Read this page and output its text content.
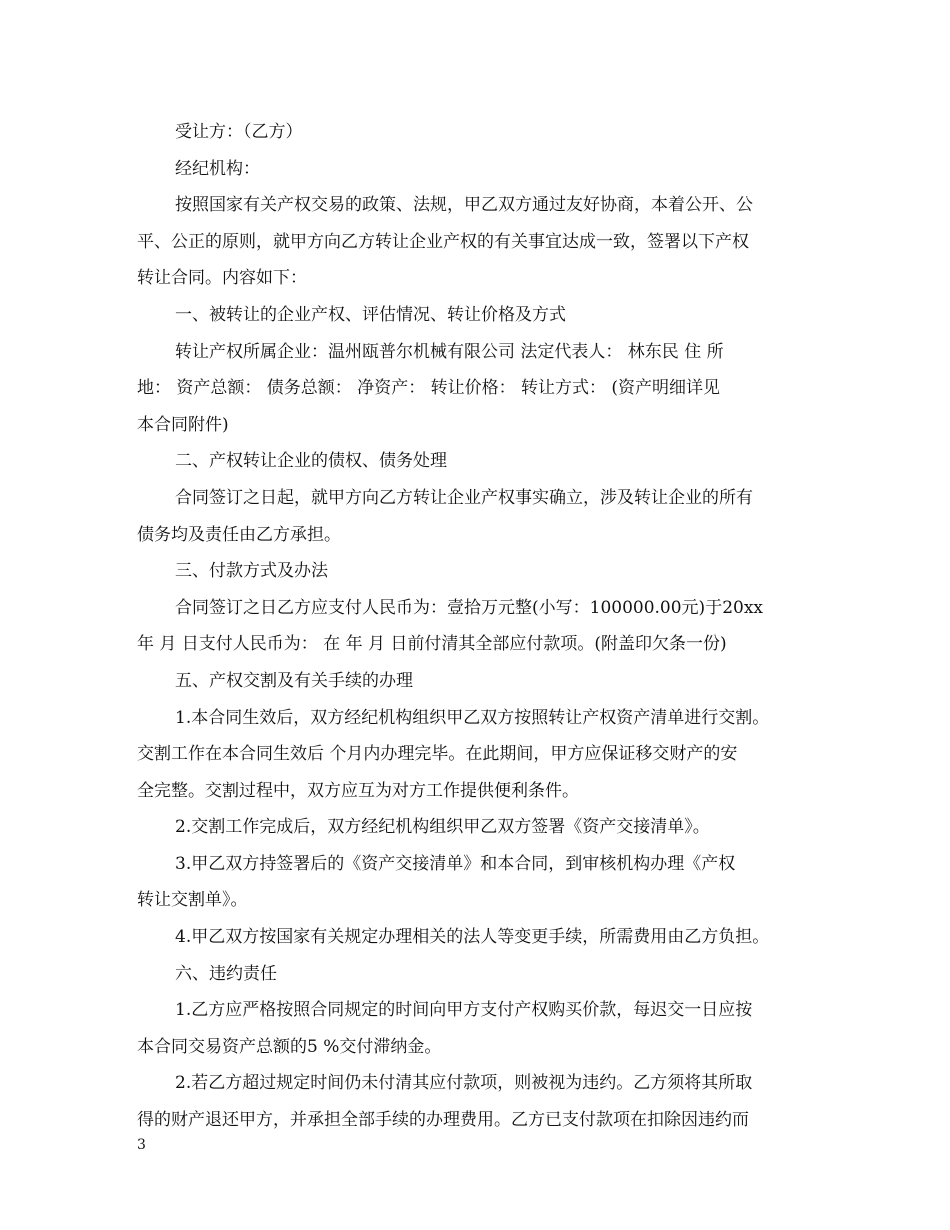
受让方：（乙方）
经纪机构：
按照国家有关产权交易的政策、法规，甲乙双方通过友好协商，本着公开、公
平、公正的原则，就甲方向乙方转让企业产权的有关事宜达成一致，签署以下产权
转让合同。内容如下：
一、被转让的企业产权、评估情况、转让价格及方式
转让产权所属企业：温州瓯普尔机械有限公司 法定代表人： 林东民 住 所
地： 资产总额： 债务总额： 净资产： 转让价格： 转让方式： (资产明细详见
本合同附件)
二、产权转让企业的债权、债务处理
合同签订之日起，就甲方向乙方转让企业产权事实确立，涉及转让企业的所有
债务均及责任由乙方承担。
三、付款方式及办法
合同签订之日乙方应支付人民币为：壹拾万元整(小写：100000.00元)于20xx
年 月 日支付人民币为： 在 年 月 日前付清其全部应付款项。(附盖印欠条一份)
五、产权交割及有关手续的办理
1.本合同生效后，双方经纪机构组织甲乙双方按照转让产权资产清单进行交割。
交割工作在本合同生效后 个月内办理完毕。在此期间，甲方应保证移交财产的安
全完整。交割过程中，双方应互为对方工作提供便利条件。
2.交割工作完成后，双方经纪机构组织甲乙双方签署《资产交接清单》。
3.甲乙双方持签署后的《资产交接清单》和本合同，到审核机构办理《产权
转让交割单》。
4.甲乙双方按国家有关规定办理相关的法人等变更手续，所需费用由乙方负担。
六、违约责任
1.乙方应严格按照合同规定的时间向甲方支付产权购买价款，每迟交一日应按
本合同交易资产总额的5 %交付滞纳金。
2.若乙方超过规定时间仍未付清其应付款项，则被视为违约。乙方须将其所取
得的财产退还甲方，并承担全部手续的办理费用。乙方已支付款项在扣除因违约而
3
